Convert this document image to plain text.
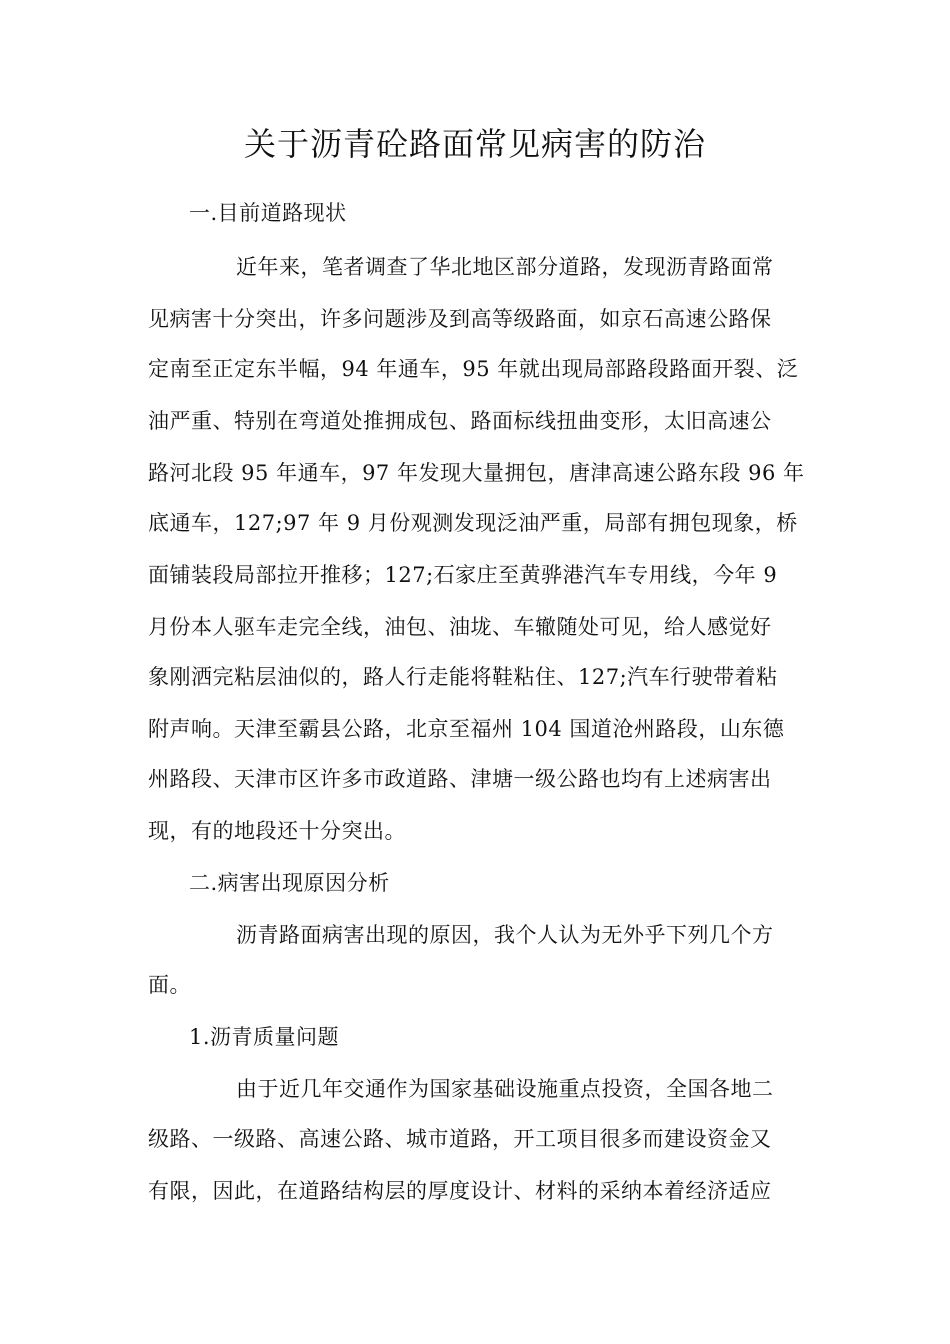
关于沥青砼路面常见病害的防治
一.目前道路现状
近年来，笔者调查了华北地区部分道路，发现沥青路面常
见病害十分突出，许多问题涉及到高等级路面，如京石高速公路保
定南至正定东半幅，94 年通车，95 年就出现局部路段路面开裂、泛
油严重、特别在弯道处推拥成包、路面标线扭曲变形，太旧高速公
路河北段 95 年通车，97 年发现大量拥包，唐津高速公路东段 96 年
底通车，127;97 年 9 月份观测发现泛油严重，局部有拥包现象，桥
面铺装段局部拉开推移；127;石家庄至黄骅港汽车专用线，今年 9
月份本人驱车走完全线，油包、油垅、车辙随处可见，给人感觉好
象刚洒完粘层油似的，路人行走能将鞋粘住、127;汽车行驶带着粘
附声响。天津至霸县公路，北京至福州 104 国道沧州路段，山东德
州路段、天津市区许多市政道路、津塘一级公路也均有上述病害出
现，有的地段还十分突出。
二.病害出现原因分析
沥青路面病害出现的原因，我个人认为无外乎下列几个方
面。
1.沥青质量问题
由于近几年交通作为国家基础设施重点投资，全国各地二
级路、一级路、高速公路、城市道路，开工项目很多而建设资金又
有限，因此，在道路结构层的厚度设计、材料的采纳本着经济适应
